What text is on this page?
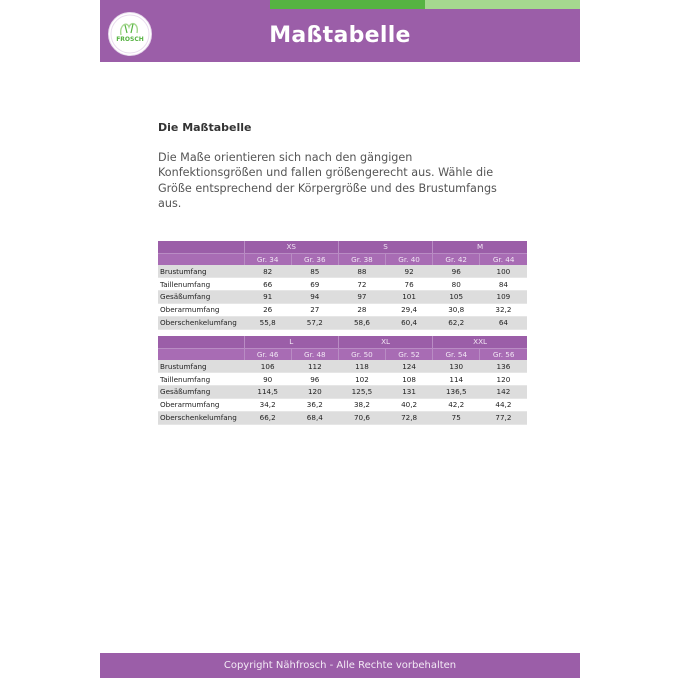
Maßtabelle
FROSCH
Die Maßtabelle
Die Maße orientieren sich nach den gängigen Konfektionsgrößen und fallen größengerecht aus. Wähle die Größe entsprechend der Körpergröße und des Brustumfangs aus.
	XS		S		M	
	Gr. 34	Gr. 36	Gr. 38	Gr. 40	Gr. 42	Gr. 44
Brustumfang	82	85	88	92	96	100
Taillenumfang	66	69	72	76	80	84
Gesäßumfang	91	94	97	101	105	109
Oberarmumfang	26	27	28	29,4	30,8	32,2
Oberschenkelumfang	55,8	57,2	58,6	60,4	62,2	64
	L		XL		XXL	
	Gr. 46	Gr. 48	Gr. 50	Gr. 52	Gr. 54	Gr. 56
Brustumfang	106	112	118	124	130	136
Taillenumfang	90	96	102	108	114	120
Gesäßumfang	114,5	120	125,5	131	136,5	142
Oberarmumfang	34,2	36,2	38,2	40,2	42,2	44,2
Oberschenkelumfang	66,2	68,4	70,6	72,8	75	77,2
Copyright Nähfrosch - Alle Rechte vorbehalten
